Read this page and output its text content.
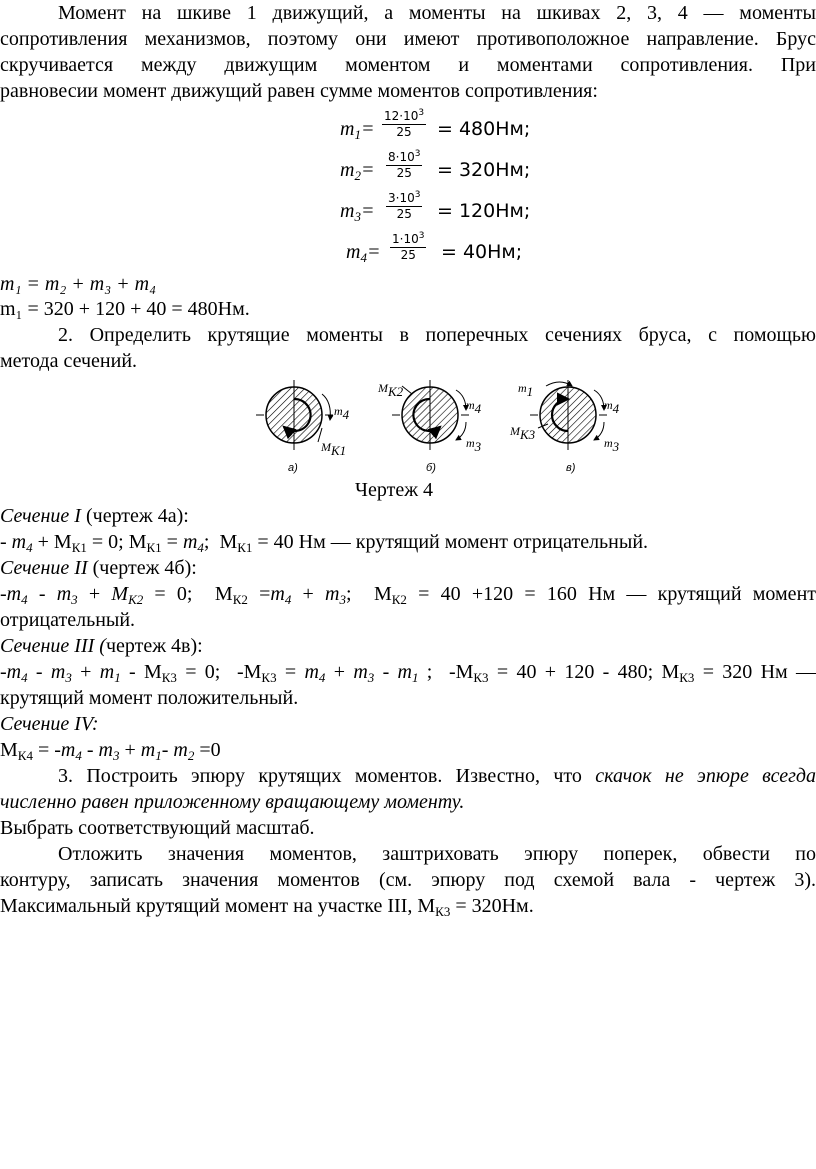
Момент на шкиве 1 движущий, а моменты на шкивах 2, 3, 4 — моменты
сопротивления механизмов, поэтому они имеют противоположное направление. Брус
скручивается между движущим моментом и моментами сопротивления. При
равновесии момент движущий равен сумме моментов сопротивления:
$m_1= \frac{12\cdot 10^3}{25} = 480Нм$;
$m_2= \frac{8\cdot 10^3}{25} = 320Нм$;
$m_3= \frac{3\cdot 10^3}{25} = 120Нм$;
$m_4= \frac{1\cdot 10^3}{25} = 40Нм$;
m₁ = m₂ + m₃ + m₄
m₁ = 320 + 120 + 40 = 480Нм.
2. Определить крутящие моменты в поперечных сечениях бруса, с помощью
метода сечений.
$m_4$
$М_{К1}$
$М_{К2}$
$m_4$
$m_3$
$m_1$
$m_4$
$М_{К3}$
$m_3$
а)	б)	в)
Чертеж 4
Сечение I (чертеж 4а):
- $m_4 + М_{К1} = 0$; $М_{К1} = m_4$;  $М_{К1} = 40$ Нм — крутящий момент отрицательный.
Сечение II (чертеж 4б):
$-m_4 - m_3 + М_{К2} = 0$;  $М_{К2} =m_4 + m_3$;  $М_{К2} = 40 +120 = 160$ Нм — крутящий момент
отрицательный.
Сечение III (чертеж 4в):
$-m_4 - m_3 + m_1 - М_{К3} = 0$;  $-М_{К3} = m_4 + m_3 - m_1$ ;  $-М_{К3} = 40 + 120 - 480$; $М_{К3} = 320$ Нм —
крутящий момент положительный.
Сечение IV:
$М_{К4} = -m_4 - m_3 + m_1-$ $m_2 =0$
3. Построить эпюру крутящих моментов. Известно, что скачок не эпюре всегда
численно равен приложенному вращающему моменту.
Выбрать соответствующий масштаб.
Отложить значения моментов, заштриховать эпюру поперек, обвести по
контуру, записать значения моментов (см. эпюру под схемой вала - чертеж 3).
Максимальный крутящий момент на участке III, $М_{К3} = 320Нм$.
